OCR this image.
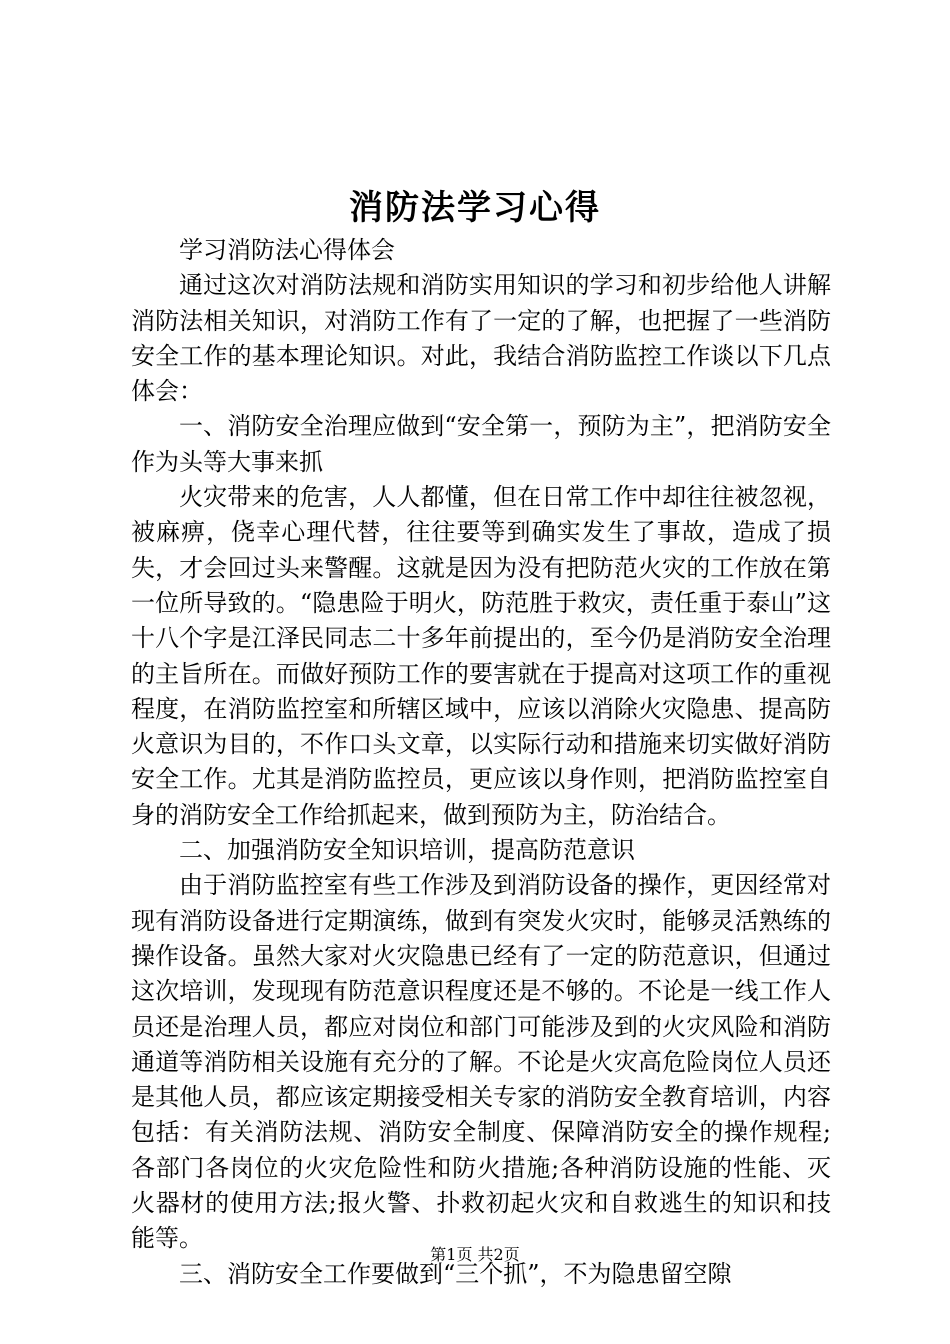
消防法学习心得

学习消防法心得体会

通过这次对消防法规和消防实用知识的学习和初步给他人讲解消防法相关知识，对消防工作有了一定的了解，也把握了一些消防安全工作的基本理论知识。对此，我结合消防监控工作谈以下几点体会：

一、消防安全治理应做到“安全第一，预防为主”，把消防安全作为头等大事来抓

火灾带来的危害，人人都懂，但在日常工作中却往往被忽视，被麻痹，侥幸心理代替，往往要等到确实发生了事故，造成了损失，才会回过头来警醒。这就是因为没有把防范火灾的工作放在第一位所导致的。“隐患险于明火，防范胜于救灾，责任重于泰山”这十八个字是江泽民同志二十多年前提出的，至今仍是消防安全治理的主旨所在。而做好预防工作的要害就在于提高对这项工作的重视程度，在消防监控室和所辖区域中，应该以消除火灾隐患、提高防火意识为目的，不作口头文章，以实际行动和措施来切实做好消防安全工作。尤其是消防监控员，更应该以身作则，把消防监控室自身的消防安全工作给抓起来，做到预防为主，防治结合。

二、加强消防安全知识培训，提高防范意识

由于消防监控室有些工作涉及到消防设备的操作，更因经常对现有消防设备进行定期演练，做到有突发火灾时，能够灵活熟练的操作设备。虽然大家对火灾隐患已经有了一定的防范意识，但通过这次培训，发现现有防范意识程度还是不够的。不论是一线工作人员还是治理人员，都应对岗位和部门可能涉及到的火灾风险和消防通道等消防相关设施有充分的了解。不论是火灾高危险岗位人员还是其他人员，都应该定期接受相关专家的消防安全教育培训，内容包括：有关消防法规、消防安全制度、保障消防安全的操作规程;各部门各岗位的火灾危险性和防火措施;各种消防设施的性能、灭火器材的使用方法;报火警、扑救初起火灾和自救逃生的知识和技能等。

三、消防安全工作要做到“三个抓”，不为隐患留空隙

第1页 共2页
